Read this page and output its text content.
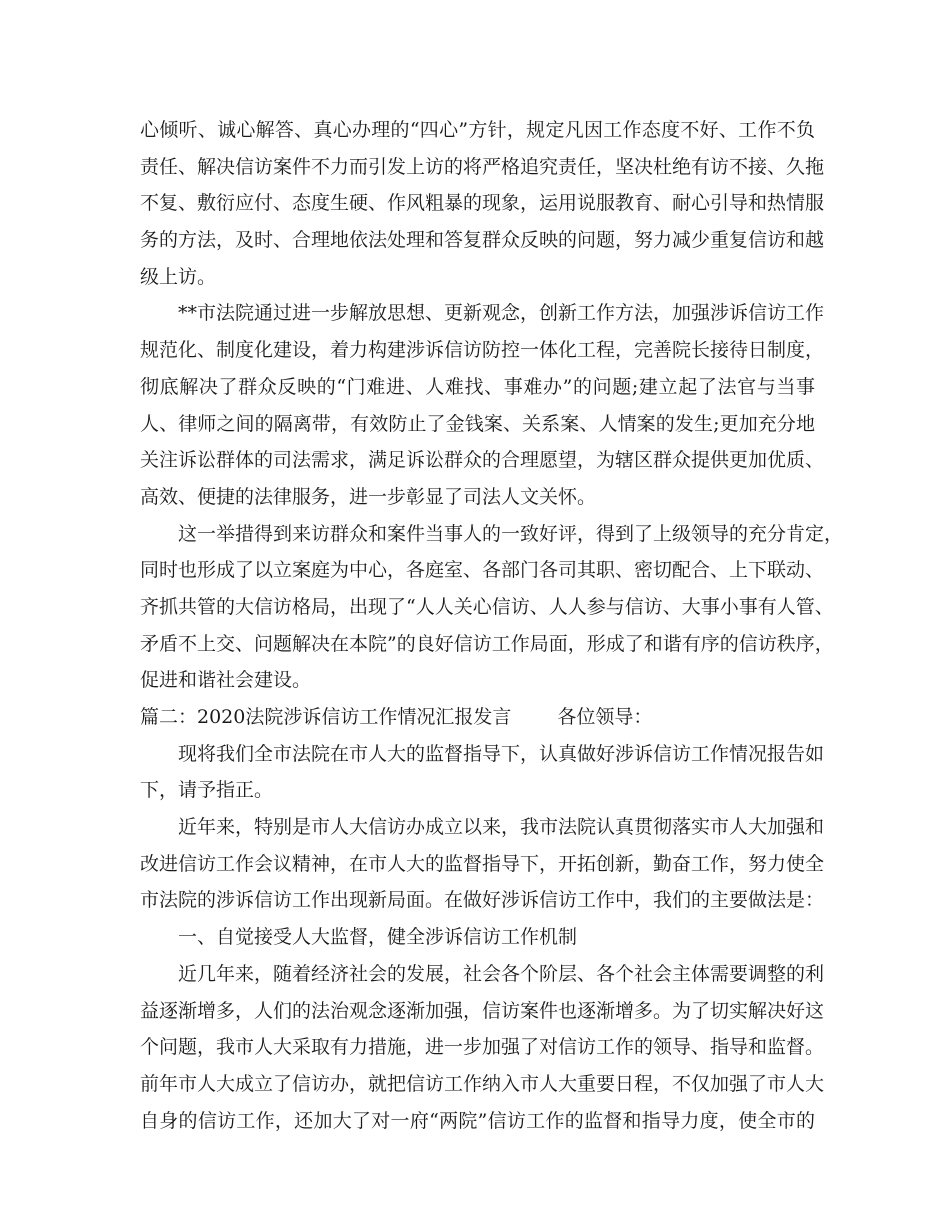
心倾听、诚心解答、真心办理的“四心”方针，规定凡因工作态度不好、工作不负
责任、解决信访案件不力而引发上访的将严格追究责任，坚决杜绝有访不接、久拖
不复、敷衍应付、态度生硬、作风粗暴的现象，运用说服教育、耐心引导和热情服
务的方法，及时、合理地依法处理和答复群众反映的问题，努力减少重复信访和越
级上访。
**市法院通过进一步解放思想、更新观念，创新工作方法，加强涉诉信访工作
规范化、制度化建设，着力构建涉诉信访防控一体化工程，完善院长接待日制度，
彻底解决了群众反映的“门难进、人难找、事难办”的问题;建立起了法官与当事
人、律师之间的隔离带，有效防止了金钱案、关系案、人情案的发生;更加充分地
关注诉讼群体的司法需求，满足诉讼群众的合理愿望，为辖区群众提供更加优质、
高效、便捷的法律服务，进一步彰显了司法人文关怀。
这一举措得到来访群众和案件当事人的一致好评，得到了上级领导的充分肯定，
同时也形成了以立案庭为中心，各庭室、各部门各司其职、密切配合、上下联动、
齐抓共管的大信访格局，出现了“人人关心信访、人人参与信访、大事小事有人管、
矛盾不上交、问题解决在本院”的良好信访工作局面，形成了和谐有序的信访秩序，
促进和谐社会建设。
篇二：2020法院涉诉信访工作情况汇报发言 各位领导：
现将我们全市法院在市人大的监督指导下，认真做好涉诉信访工作情况报告如
下，请予指正。
近年来，特别是市人大信访办成立以来，我市法院认真贯彻落实市人大加强和
改进信访工作会议精神，在市人大的监督指导下，开拓创新，勤奋工作，努力使全
市法院的涉诉信访工作出现新局面。在做好涉诉信访工作中，我们的主要做法是：
一、自觉接受人大监督，健全涉诉信访工作机制
近几年来，随着经济社会的发展，社会各个阶层、各个社会主体需要调整的利
益逐渐增多，人们的法治观念逐渐加强，信访案件也逐渐增多。为了切实解决好这
个问题，我市人大采取有力措施，进一步加强了对信访工作的领导、指导和监督。
前年市人大成立了信访办，就把信访工作纳入市人大重要日程，不仅加强了市人大
自身的信访工作，还加大了对一府“两院”信访工作的监督和指导力度，使全市的
